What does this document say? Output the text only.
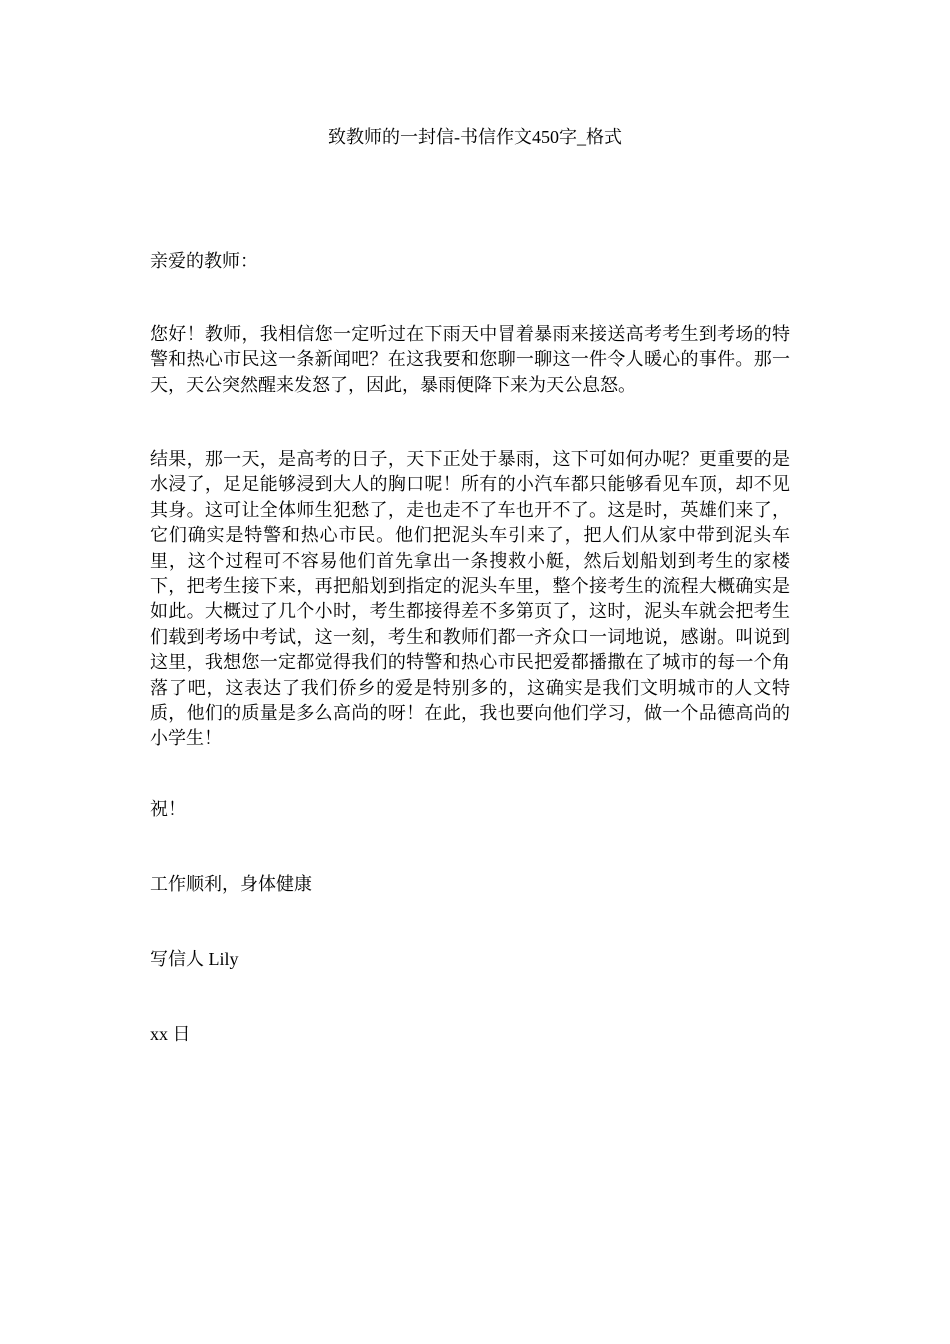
致教师的一封信-书信作文450字_格式

亲爱的教师：

您好！教师，我相信您一定听过在下雨天中冒着暴雨来接送高考考生到考场的特警和热心市民这一条新闻吧？在这我要和您聊一聊这一件令人暖心的事件。那一天，天公突然醒来发怒了，因此，暴雨便降下来为天公息怒。

结果，那一天，是高考的日子，天下正处于暴雨，这下可如何办呢？更重要的是水浸了，足足能够浸到大人的胸口呢！所有的小汽车都只能够看见车顶，却不见其身。这可让全体师生犯愁了，走也走不了车也开不了。这是时，英雄们来了，它们确实是特警和热心市民。他们把泥头车引来了，把人们从家中带到泥头车里，这个过程可不容易他们首先拿出一条搜救小艇，然后划船划到考生的家楼下，把考生接下来，再把船划到指定的泥头车里，整个接考生的流程大概确实是如此。大概过了几个小时，考生都接得差不多第页了，这时，泥头车就会把考生们载到考场中考试，这一刻，考生和教师们都一齐众口一词地说，感谢。叫说到这里，我想您一定都觉得我们的特警和热心市民把爱都播撒在了城市的每一个角落了吧，这表达了我们侨乡的爱是特别多的，这确实是我们文明城市的人文特质，他们的质量是多么高尚的呀！在此，我也要向他们学习，做一个品德高尚的小学生！

祝！

工作顺利，身体健康

写信人 Lily

xx 日
